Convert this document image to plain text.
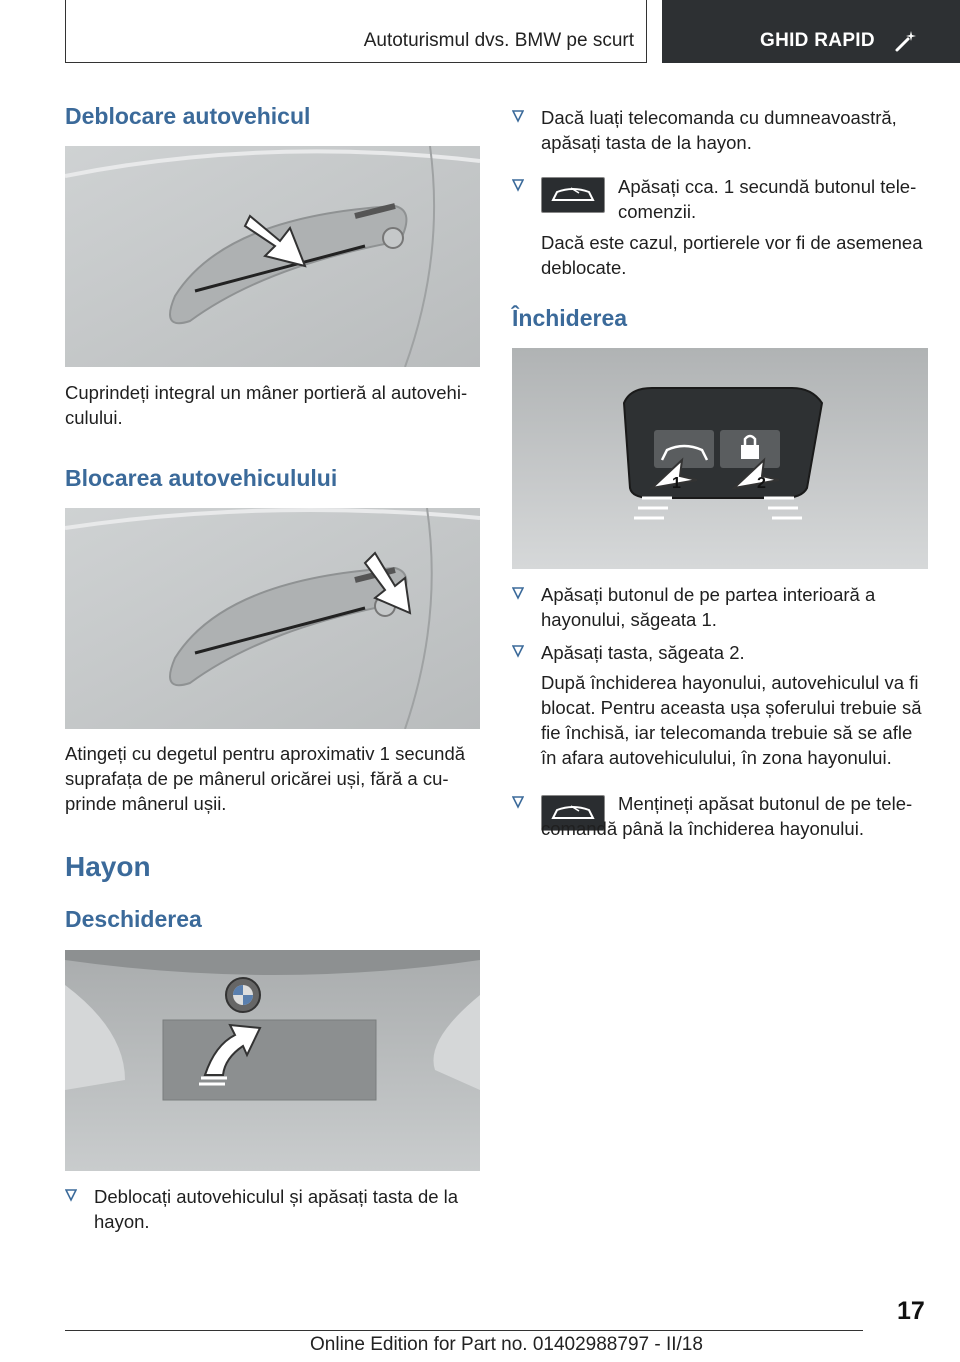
Autoturismul dvs. BMW pe scurt	GHID RAPID
Deblocare autovehicul

Cuprindeți integral un mâner portieră al autovehiculului.

Blocarea autovehiculului

Atingeți cu degetul pentru aproximativ 1 secundă suprafața de pe mânerul oricărei uși, fără a cuprinde mânerul ușii.

Hayon
Deschiderea
Deblocați autovehiculul și apăsați tasta de la hayon.
Dacă luați telecomanda cu dumneavoastră, apăsați tasta de la hayon.
Apăsați cca. 1 secundă butonul telecomenzii.

Dacă este cazul, portierele vor fi de asemenea deblocate.

Închiderea
1	2
Apăsați butonul de pe partea interioară a hayonului, săgeata 1.
Apăsați tasta, săgeata 2.

După închiderea hayonului, autovehiculul va fi blocat. Pentru aceasta ușa șoferului trebuie să fie închisă, iar telecomanda trebuie să se afle în afara autovehiculului, în zona hayonului.

Mențineți apăsat butonul de pe telecomandă până la închiderea hayonului.
17
Online Edition for Part no. 01402988797 - II/18
